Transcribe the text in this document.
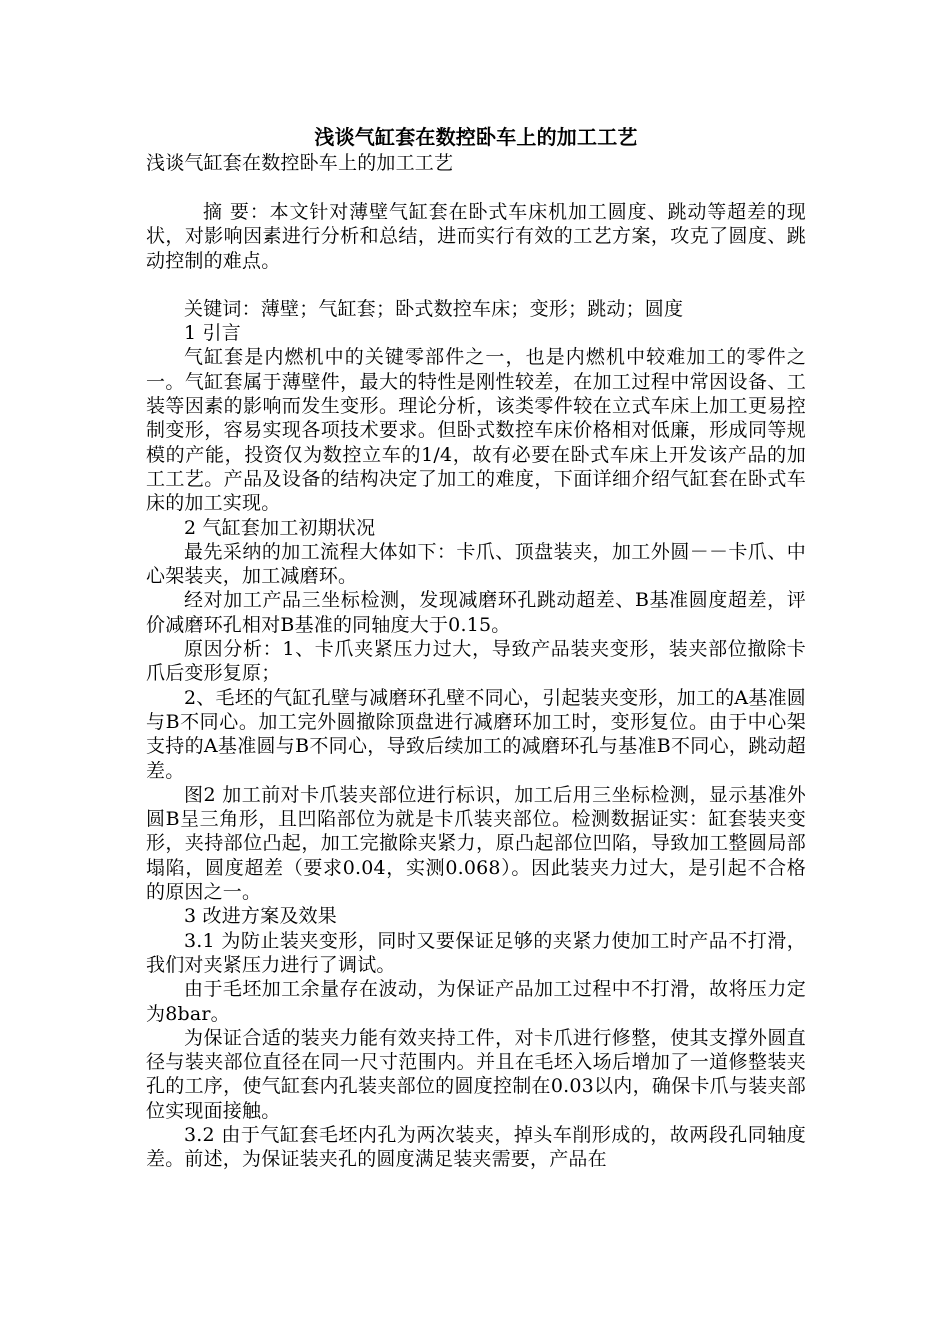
浅谈气缸套在数控卧车上的加工工艺

浅谈气缸套在数控卧车上的加工工艺

摘 要：本文针对薄壁气缸套在卧式车床机加工圆度、跳动等超差的现状，对影响因素进行分析和总结，进而实行有效的工艺方案，攻克了圆度、跳动控制的难点。

关键词：薄壁；气缸套；卧式数控车床；变形；跳动；圆度

1 引言

气缸套是内燃机中的关键零部件之一，也是内燃机中较难加工的零件之一。气缸套属于薄壁件，最大的特性是刚性较差，在加工过程中常因设备、工装等因素的影响而发生变形。理论分析，该类零件较在立式车床上加工更易控制变形，容易实现各项技术要求。但卧式数控车床价格相对低廉，形成同等规模的产能，投资仅为数控立车的1/4，故有必要在卧式车床上开发该产品的加工工艺。产品及设备的结构决定了加工的难度，下面详细介绍气缸套在卧式车床的加工实现。

2 气缸套加工初期状况

最先采纳的加工流程大体如下：卡爪、顶盘装夹，加工外圆－－卡爪、中心架装夹，加工减磨环。

经对加工产品三坐标检测，发现减磨环孔跳动超差、B基准圆度超差，评价减磨环孔相对B基准的同轴度大于0.15。

原因分析：1、卡爪夹紧压力过大，导致产品装夹变形，装夹部位撤除卡爪后变形复原；

2、毛坯的气缸孔壁与减磨环孔壁不同心，引起装夹变形，加工的A基准圆与B不同心。加工完外圆撤除顶盘进行减磨环加工时，变形复位。由于中心架支持的A基准圆与B不同心，导致后续加工的减磨环孔与基准B不同心，跳动超差。

图2 加工前对卡爪装夹部位进行标识，加工后用三坐标检测，显示基准外圆B呈三角形，且凹陷部位为就是卡爪装夹部位。检测数据证实：缸套装夹变形，夹持部位凸起，加工完撤除夹紧力，原凸起部位凹陷，导致加工整圆局部塌陷，圆度超差（要求0.04，实测0.068）。因此装夹力过大，是引起不合格的原因之一。

3 改进方案及效果

3.1 为防止装夹变形，同时又要保证足够的夹紧力使加工时产品不打滑，我们对夹紧压力进行了调试。

由于毛坯加工余量存在波动，为保证产品加工过程中不打滑，故将压力定为8bar。

为保证合适的装夹力能有效夹持工件，对卡爪进行修整，使其支撑外圆直径与装夹部位直径在同一尺寸范围内。并且在毛坯入场后增加了一道修整装夹孔的工序，使气缸套内孔装夹部位的圆度控制在0.03以内，确保卡爪与装夹部位实现面接触。

3.2 由于气缸套毛坯内孔为两次装夹，掉头车削形成的，故两段孔同轴度差。前述，为保证装夹孔的圆度满足装夹需要，产品在
